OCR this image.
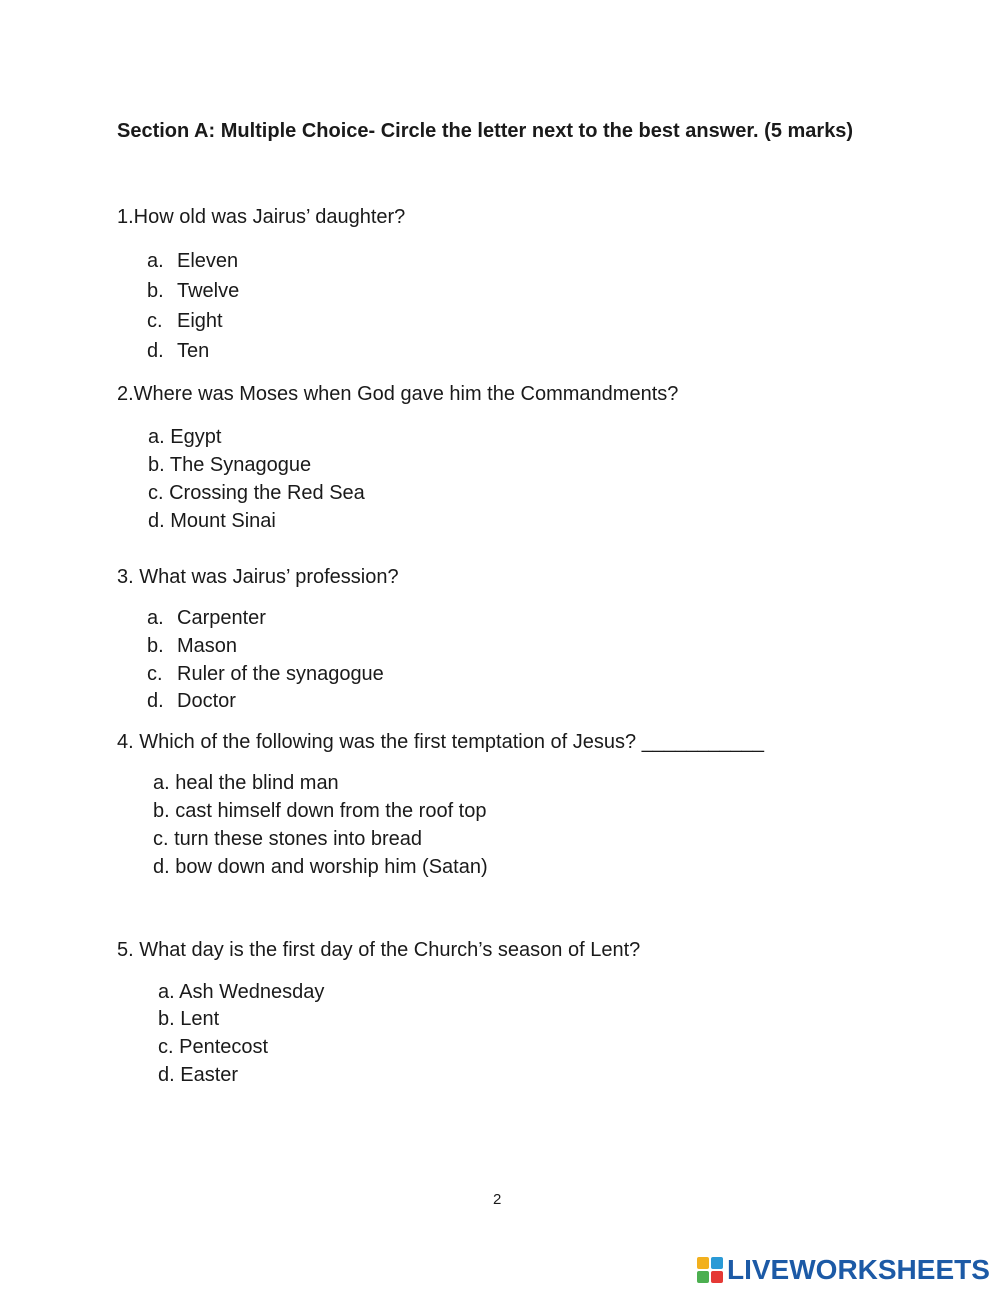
Section A: Multiple Choice- Circle the letter next to the best answer. (5 marks)
1.How old was Jairus’ daughter?
a. Eleven
b. Twelve
c. Eight
d. Ten
2.Where was Moses when God gave him the Commandments?
a. Egypt
b. The Synagogue
c. Crossing the Red Sea
d. Mount Sinai
3. What was Jairus’ profession?
a. Carpenter
b. Mason
c. Ruler of the synagogue
d. Doctor
4. Which of the following was the first temptation of Jesus? ___________
a. heal the blind man
b. cast himself down from the roof top
c. turn these stones into bread
d. bow down and worship him (Satan)
5. What day is the first day of the Church’s season of Lent?
a. Ash Wednesday
b. Lent
c. Pentecost
d. Easter
2
LIVEWORKSHEETS
